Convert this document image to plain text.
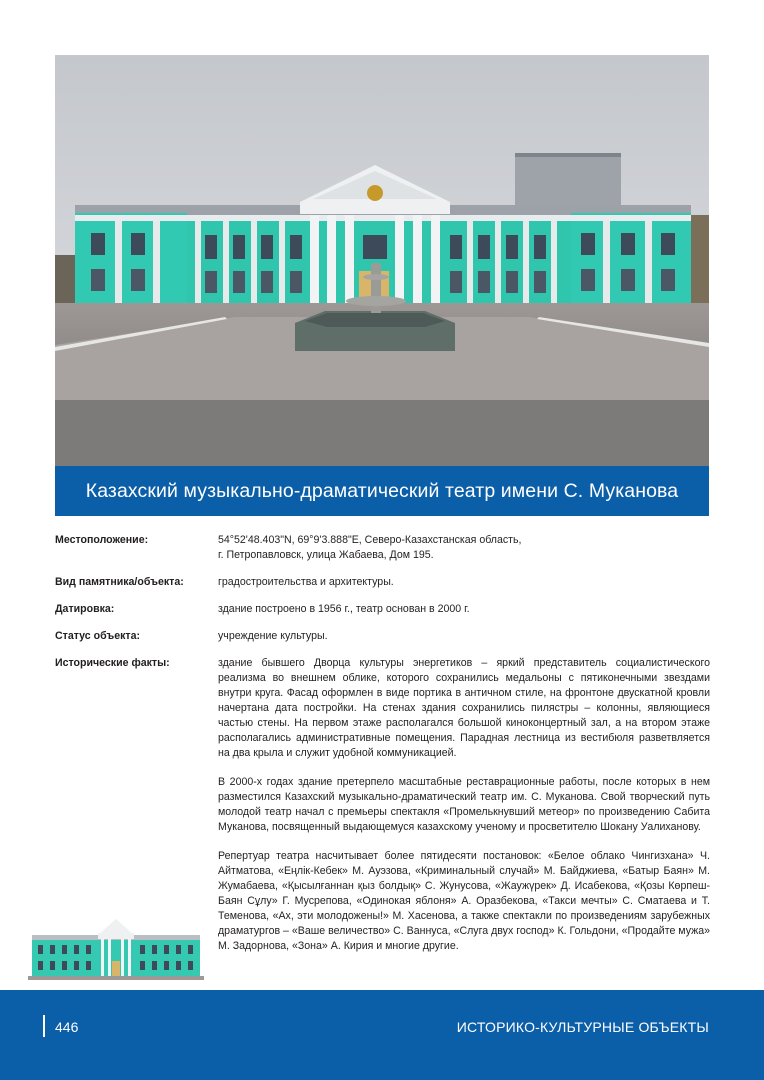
Казахский музыкально-драматический театр имени С. Муканова
Местоположение:	54°52'48.403"N, 69°9'3.888"E, Северо-Казахстанская область,
г. Петропавловск, улица Жабаева, Дом 195.
Вид памятника/объекта:	градостроительства и архитектуры.
Датировка:	здание построено в 1956 г., театр основан в 2000 г.
Статус объекта:	учреждение культуры.
Исторические факты:	здание бывшего Дворца культуры энергетиков – яркий представитель социалистического реализма во внешнем облике, которого сохранились медальоны с пятиконечными звездами внутри круга. Фасад оформлен в виде портика в античном стиле, на фронтоне двускатной кровли начертана дата постройки. На стенах здания сохранились пилястры – колонны, являющиеся частью стены. На первом этаже располагался большой киноконцертный зал, а на втором этаже располагались административные помещения. Парадная лестница из вестибюля разветвляется на два крыла и служит удобной коммуникацией.

В 2000-х годах здание претерпело масштабные реставрационные работы, после которых в нем разместился Казахский музыкально-драматический театр им. С. Муканова. Свой творческий путь молодой театр начал с премьеры спектакля «Промелькнувший метеор» по произведению Сабита Муканова, посвященный выдающемуся казахскому ученому и просветителю Шокану Уалиханову.

Репертуар театра насчитывает более пятидесяти постановок: «Белое облако Чингизхана» Ч. Айтматова, «Еңлік-Кебек» М. Ауэзова, «Криминальный случай» М. Байджиева, «Батыр Баян» М. Жумабаева, «Қысылғаннан қыз болдық» С. Жунусова, «Жаужүрек» Д. Исабекова, «Қозы Көрпеш-Баян Сұлу» Г. Мусрепова, «Одинокая яблоня» А. Оразбекова, «Такси мечты» С. Сматаева и Т. Теменова, «Ах, эти молодожены!» М. Хасенова, а также спектакли по произведениям зарубежных драматургов – «Ваше величество» С. Ваннуса, «Слуга двух господ» К. Гольдони, «Продайте мужа» М. Задорнова, «Зона» А. Кирия и многие другие.

446	ИСТОРИКО-КУЛЬТУРНЫЕ ОБЪЕКТЫ
